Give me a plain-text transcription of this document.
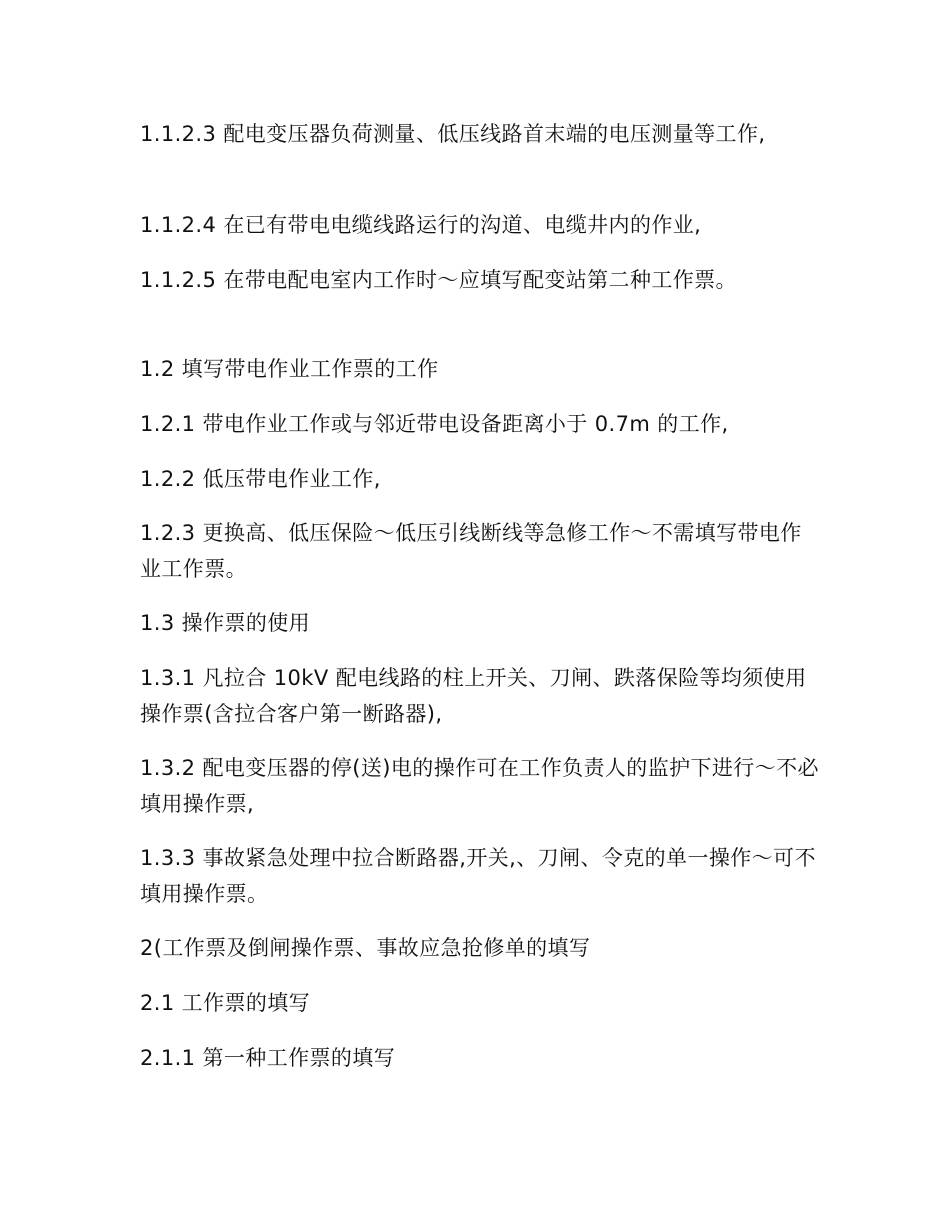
1.1.2.3 配电变压器负荷测量、低压线路首末端的电压测量等工作,

1.1.2.4 在已有带电电缆线路运行的沟道、电缆井内的作业,

1.1.2.5 在带电配电室内工作时～应填写配变站第二种工作票。

1.2 填写带电作业工作票的工作

1.2.1 带电作业工作或与邻近带电设备距离小于 0.7m 的工作,

1.2.2 低压带电作业工作,

1.2.3 更换高、低压保险～低压引线断线等急修工作～不需填写带电作业工作票。

1.3 操作票的使用

1.3.1 凡拉合 10kV 配电线路的柱上开关、刀闸、跌落保险等均须使用操作票(含拉合客户第一断路器),

1.3.2 配电变压器的停(送)电的操作可在工作负责人的监护下进行～不必填用操作票,

1.3.3 事故紧急处理中拉合断路器,开关,、刀闸、令克的单一操作～可不填用操作票。

2(工作票及倒闸操作票、事故应急抢修单的填写

2.1 工作票的填写

2.1.1 第一种工作票的填写
